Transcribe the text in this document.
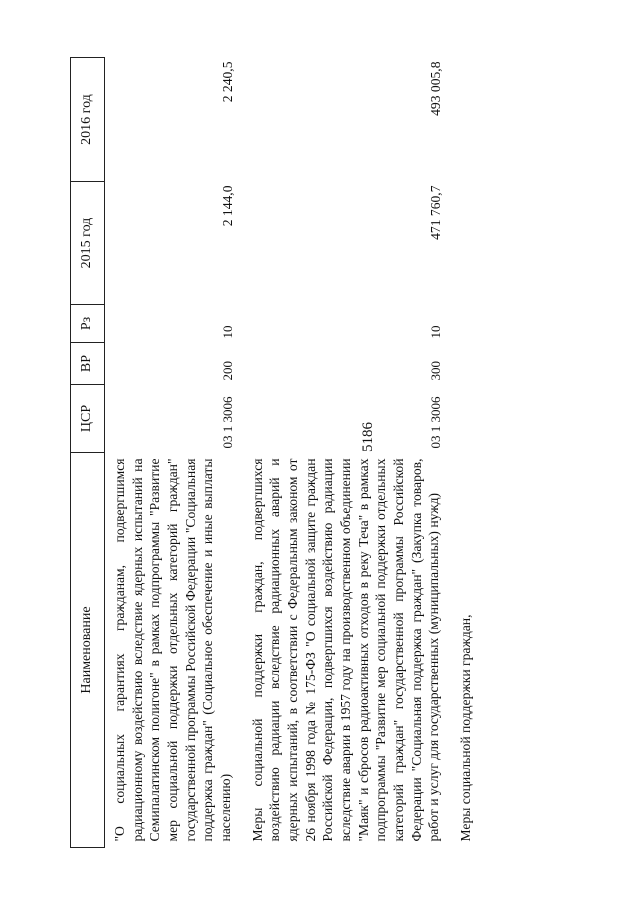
5186
Наименование	ЦСР	ВР	Рз	2015 год	2016 год
"О социальных гарантиях гражданам, подвергшимся радиационному воздействию вследствие ядерных испытаний на Семипалатинском полигоне" в рамках подпрограммы "Развитие мер социальной поддержки отдельных категорий граждан" государственной программы Российской Федерации "Социальная поддержка граждан" (Социальное обеспечение и иные выплаты населению)	03 1 3006	200	10	2 144,0	2 240,5
Меры социальной поддержки граждан, подвергшихся воздействию радиации вследствие радиационных аварий и ядерных испытаний, в соответствии с Федеральным законом от 26 ноября 1998 года № 175-ФЗ "О социальной защите граждан Российской Федерации, подвергшихся воздействию радиации вследствие аварии в 1957 году на производственном объединении "Маяк" и сбросов радиоактивных отходов в реку Теча" в рамках подпрограммы "Развитие мер социальной поддержки отдельных категорий граждан" государственной программы Российской Федерации "Социальная поддержка граждан" (Закупка товаров, работ и услуг для государственных (муниципальных) нужд)	03 1 3006	300	10	471 760,7	493 005,8
Меры социальной поддержки граждан,					
